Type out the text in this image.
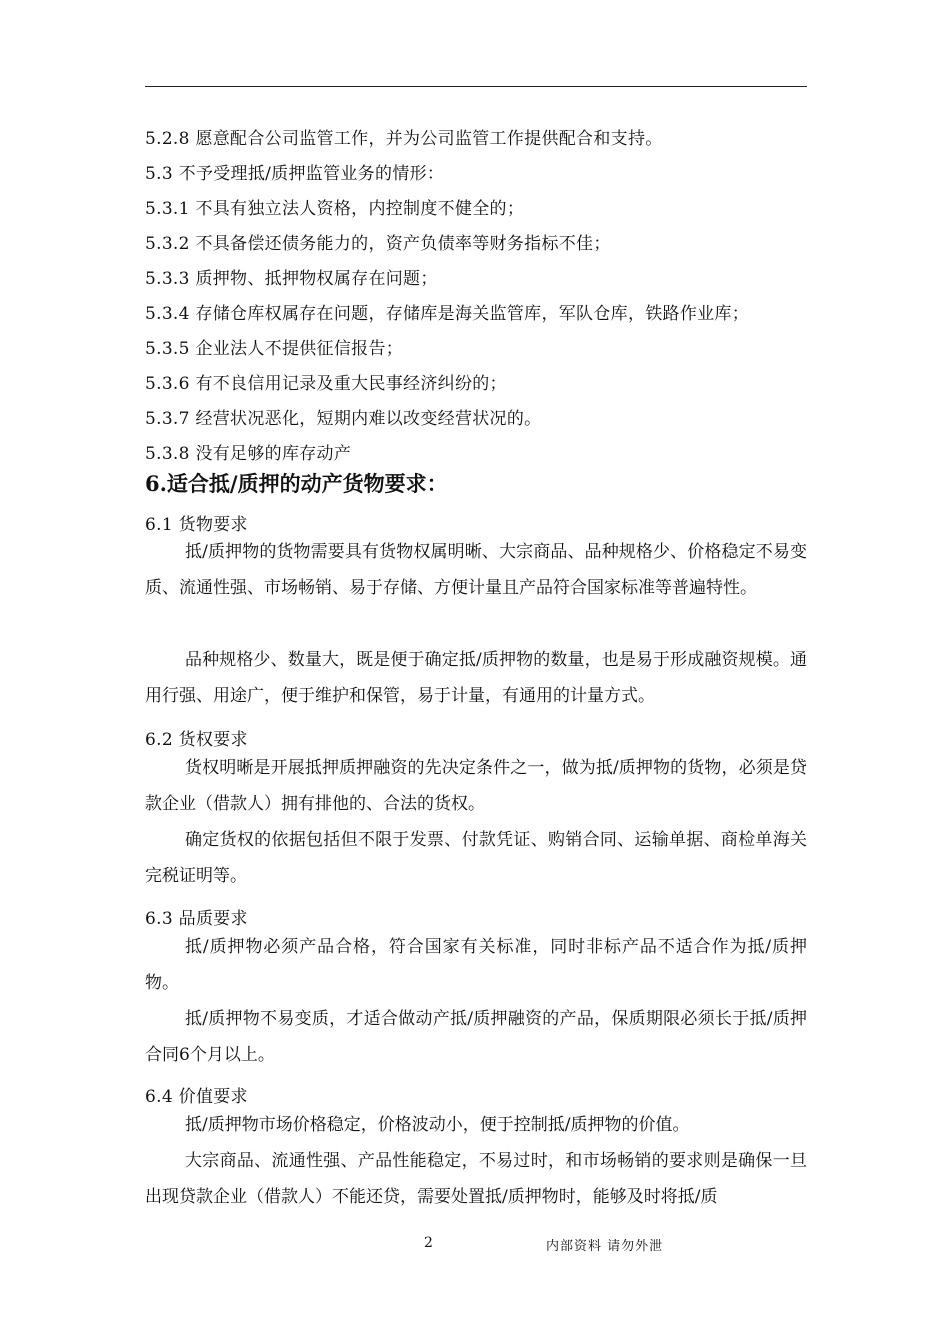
5.2.8 愿意配合公司监管工作，并为公司监管工作提供配合和支持。
5.3 不予受理抵/质押监管业务的情形：
5.3.1 不具有独立法人资格，内控制度不健全的；
5.3.2 不具备偿还债务能力的，资产负债率等财务指标不佳；
5.3.3 质押物、抵押物权属存在问题；
5.3.4 存储仓库权属存在问题，存储库是海关监管库，军队仓库，铁路作业库；
5.3.5 企业法人不提供征信报告；
5.3.6 有不良信用记录及重大民事经济纠纷的；
5.3.7 经营状况恶化，短期内难以改变经营状况的。
5.3.8 没有足够的库存动产
6.适合抵/质押的动产货物要求：
6.1 货物要求
抵/质押物的货物需要具有货物权属明晰、大宗商品、品种规格少、价格稳定不易变质、流通性强、市场畅销、易于存储、方便计量且产品符合国家标准等普遍特性。
品种规格少、数量大，既是便于确定抵/质押物的数量，也是易于形成融资规模。通用行强、用途广，便于维护和保管，易于计量，有通用的计量方式。
6.2 货权要求
货权明晰是开展抵押质押融资的先决定条件之一，做为抵/质押物的货物，必须是贷款企业（借款人）拥有排他的、合法的货权。
确定货权的依据包括但不限于发票、付款凭证、购销合同、运输单据、商检单海关完税证明等。
6.3 品质要求
抵/质押物必须产品合格，符合国家有关标准，同时非标产品不适合作为抵/质押物。
抵/质押物不易变质，才适合做动产抵/质押融资的产品，保质期限必须长于抵/质押合同6个月以上。
6.4 价值要求
抵/质押物市场价格稳定，价格波动小，便于控制抵/质押物的价值。
大宗商品、流通性强、产品性能稳定，不易过时，和市场畅销的要求则是确保一旦出现贷款企业（借款人）不能还贷，需要处置抵/质押物时，能够及时将抵/质
2	内部资料 请勿外泄
